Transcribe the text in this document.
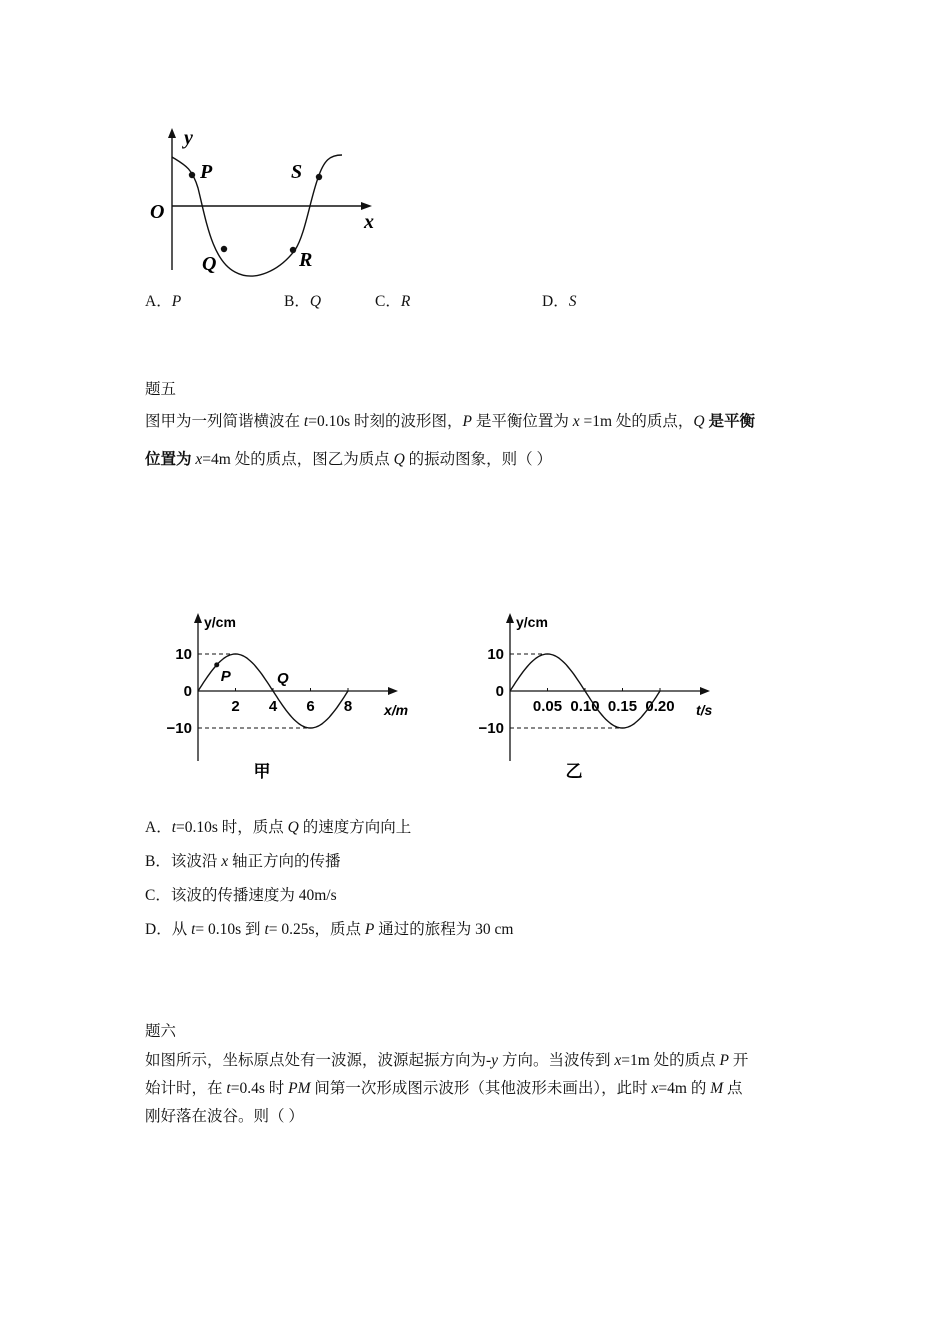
y
x
O
P
Q	R
S
A．P	B．Q	C．R	D．S
题五
图甲为一列简谐横波在 t=0.10s 时刻的波形图，P 是平衡位置为 x =1m 处的质点，Q 是平衡
位置为 x=4m 处的质点，图乙为质点 Q 的振动图象，则（ ）
y/cm
x/m
10
0
−10
2 4 6 8
P	Q
甲
y/cm
t/s
10
0
−10
0.05 0.10 0.15 0.20
乙
A．t=0.10s 时，质点 Q 的速度方向向上
B．该波沿 x 轴正方向的传播
C．该波的传播速度为 40m/s
D．从 t= 0.10s 到 t= 0.25s，质点 P 通过的旅程为 30 cm
题六
如图所示，坐标原点处有一波源，波源起振方向为-y 方向。当波传到 x=1m 处的质点 P 开
始计时，在 t=0.4s 时 PM 间第一次形成图示波形（其他波形未画出），此时 x=4m 的 M 点
刚好落在波谷。则（ ）
